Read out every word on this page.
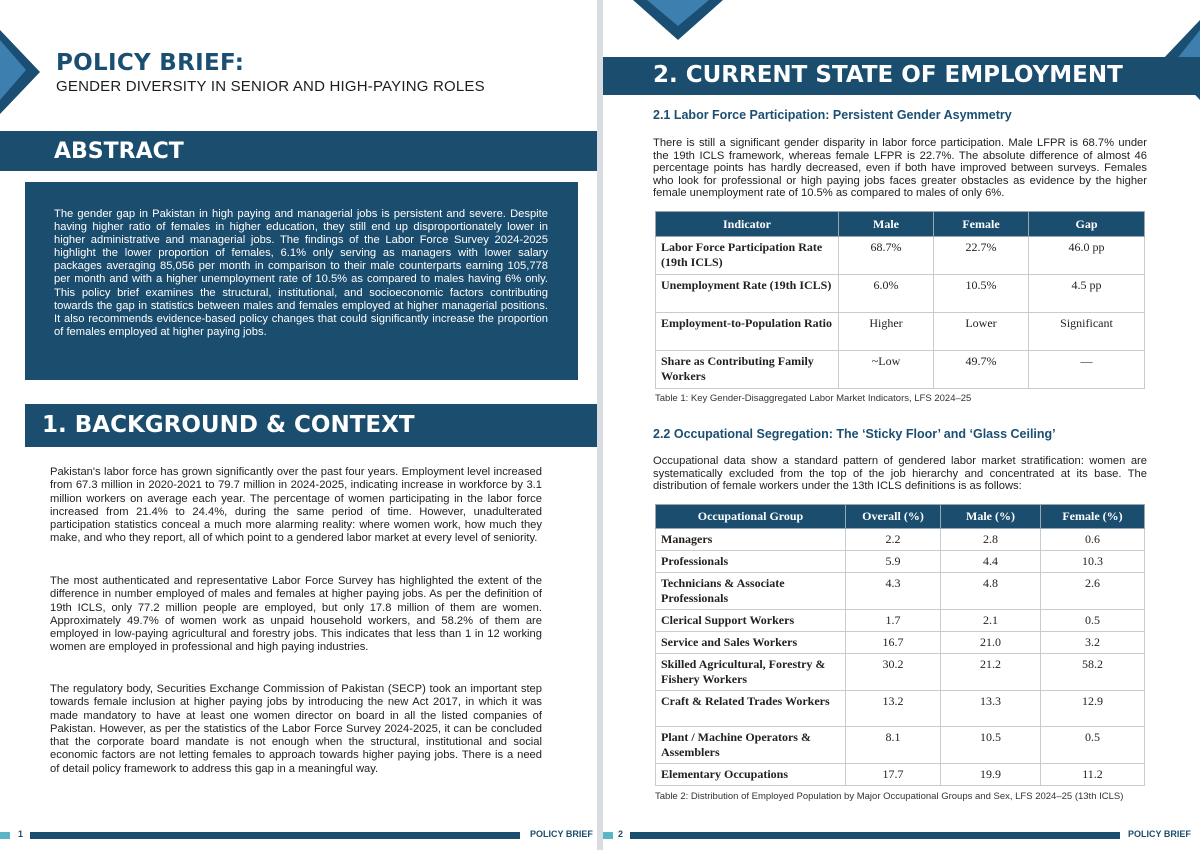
POLICY BRIEF:
GENDER DIVERSITY IN SENIOR AND HIGH-PAYING ROLES
ABSTRACT
The gender gap in Pakistan in high paying and managerial jobs is persistent and severe. Despite having higher ratio of females in higher education, they still end up disproportionately lower in higher administrative and managerial jobs. The findings of the Labor Force Survey 2024-2025 highlight the lower proportion of females, 6.1% only serving as managers with lower salary packages averaging 85,056 per month in comparison to their male counterparts earning 105,778 per month and with a higher unemployment rate of 10.5% as compared to males having 6% only. This policy brief examines the structural, institutional, and socioeconomic factors contributing towards the gap in statistics between males and females employed at higher managerial positions. It also recommends evidence-based policy changes that could significantly increase the proportion of females employed at higher paying jobs.
1. BACKGROUND & CONTEXT
Pakistan's labor force has grown significantly over the past four years. Employment level increased from 67.3 million in 2020-2021 to 79.7 million in 2024-2025, indicating increase in workforce by 3.1 million workers on average each year. The percentage of women participating in the labor force increased from 21.4% to 24.4%, during the same period of time. However, unadulterated participation statistics conceal a much more alarming reality: where women work, how much they make, and who they report, all of which point to a gendered labor market at every level of seniority.
The most authenticated and representative Labor Force Survey has highlighted the extent of the difference in number employed of males and females at higher paying jobs. As per the definition of 19th ICLS, only 77.2 million people are employed, but only 17.8 million of them are women. Approximately 49.7% of women work as unpaid household workers, and 58.2% of them are employed in low-paying agricultural and forestry jobs. This indicates that less than 1 in 12 working women are employed in professional and high paying industries.
The regulatory body, Securities Exchange Commission of Pakistan (SECP) took an important step towards female inclusion at higher paying jobs by introducing the new Act 2017, in which it was made mandatory to have at least one women director on board in all the listed companies of Pakistan. However, as per the statistics of the Labor Force Survey 2024-2025, it can be concluded that the corporate board mandate is not enough when the structural, institutional and social economic factors are not letting females to approach towards higher paying jobs. There is a need of detail policy framework to address this gap in a meaningful way.
1	POLICY BRIEF
2. CURRENT STATE OF EMPLOYMENT
2.1 Labor Force Participation: Persistent Gender Asymmetry
There is still a significant gender disparity in labor force participation. Male LFPR is 68.7% under the 19th ICLS framework, whereas female LFPR is 22.7%. The absolute difference of almost 46 percentage points has hardly decreased, even if both have improved between surveys. Females who look for professional or high paying jobs faces greater obstacles as evidence by the higher female unemployment rate of 10.5% as compared to males of only 6%.
Indicator	Male	Female	Gap
Labor Force Participation Rate (19th ICLS)	68.7%	22.7%	46.0 pp
Unemployment Rate (19th ICLS)	6.0%	10.5%	4.5 pp
Employment-to-Population Ratio	Higher	Lower	Significant
Share as Contributing Family Workers	~Low	49.7%	—
Table 1: Key Gender-Disaggregated Labor Market Indicators, LFS 2024–25
2.2 Occupational Segregation: The ‘Sticky Floor’ and ‘Glass Ceiling’
Occupational data show a standard pattern of gendered labor market stratification: women are systematically excluded from the top of the job hierarchy and concentrated at its base. The distribution of female workers under the 13th ICLS definitions is as follows:
Occupational Group	Overall (%)	Male (%)	Female (%)
Managers	2.2	2.8	0.6
Professionals	5.9	4.4	10.3
Technicians & Associate Professionals	4.3	4.8	2.6
Clerical Support Workers	1.7	2.1	0.5
Service and Sales Workers	16.7	21.0	3.2
Skilled Agricultural, Forestry & Fishery Workers	30.2	21.2	58.2
Craft & Related Trades Workers	13.2	13.3	12.9
Plant / Machine Operators & Assemblers	8.1	10.5	0.5
Elementary Occupations	17.7	19.9	11.2
Table 2: Distribution of Employed Population by Major Occupational Groups and Sex, LFS 2024–25 (13th ICLS)
2	POLICY BRIEF
